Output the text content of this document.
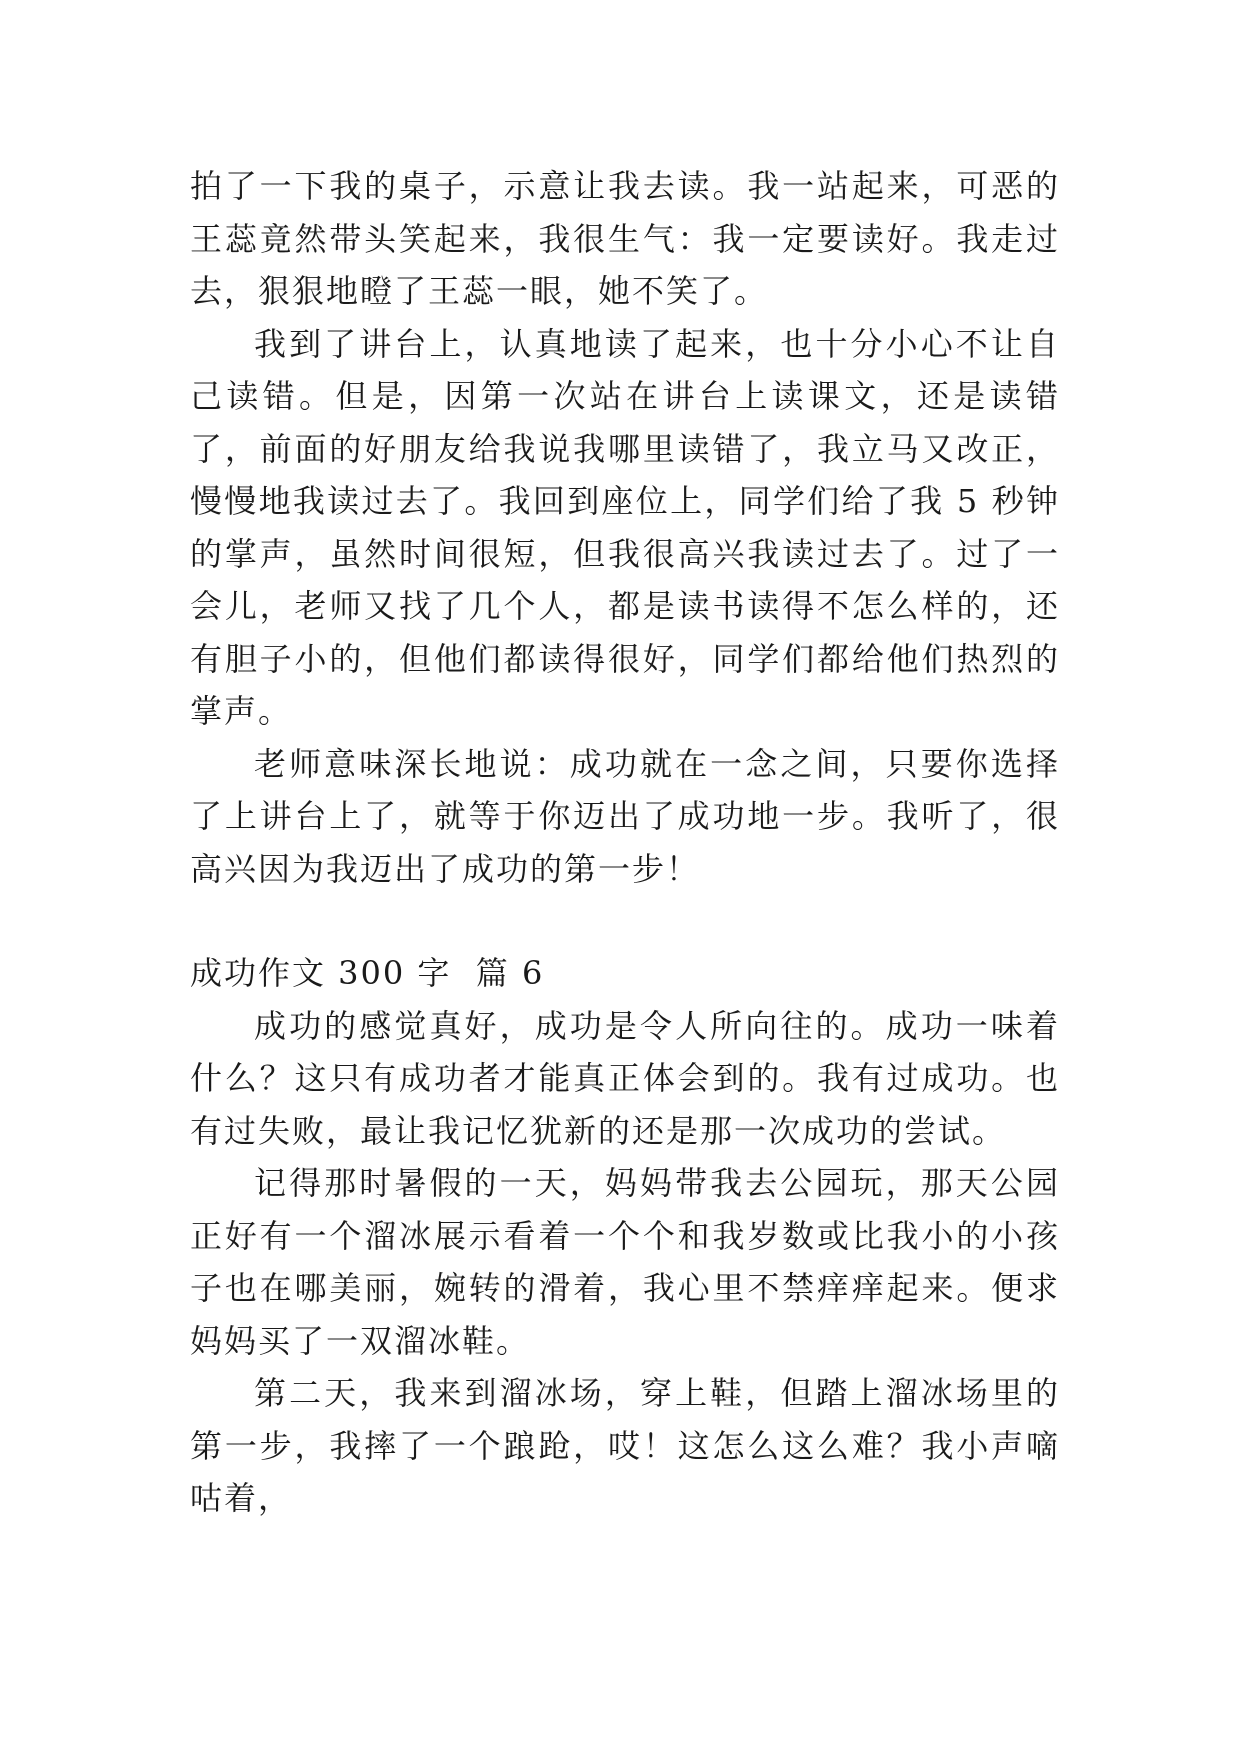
拍了一下我的桌子，示意让我去读。我一站起来，可恶的王蕊竟然带头笑起来，我很生气：我一定要读好。我走过去，狠狠地瞪了王蕊一眼，她不笑了。

我到了讲台上，认真地读了起来，也十分小心不让自己读错。但是，因第一次站在讲台上读课文，还是读错了，前面的好朋友给我说我哪里读错了，我立马又改正，慢慢地我读过去了。我回到座位上，同学们给了我 5 秒钟的掌声，虽然时间很短，但我很高兴我读过去了。过了一会儿，老师又找了几个人，都是读书读得不怎么样的，还有胆子小的，但他们都读得很好，同学们都给他们热烈的掌声。

老师意味深长地说：成功就在一念之间，只要你选择了上讲台上了，就等于你迈出了成功地一步。我听了，很高兴因为我迈出了成功的第一步！

成功作文 300 字  篇 6

成功的感觉真好，成功是令人所向往的。成功一味着什么？这只有成功者才能真正体会到的。我有过成功。也有过失败，最让我记忆犹新的还是那一次成功的尝试。

记得那时暑假的一天，妈妈带我去公园玩，那天公园正好有一个溜冰展示看着一个个和我岁数或比我小的小孩子也在哪美丽，婉转的滑着，我心里不禁痒痒起来。便求妈妈买了一双溜冰鞋。

第二天，我来到溜冰场，穿上鞋，但踏上溜冰场里的第一步，我摔了一个踉跄，哎！这怎么这么难？我小声嘀咕着，
